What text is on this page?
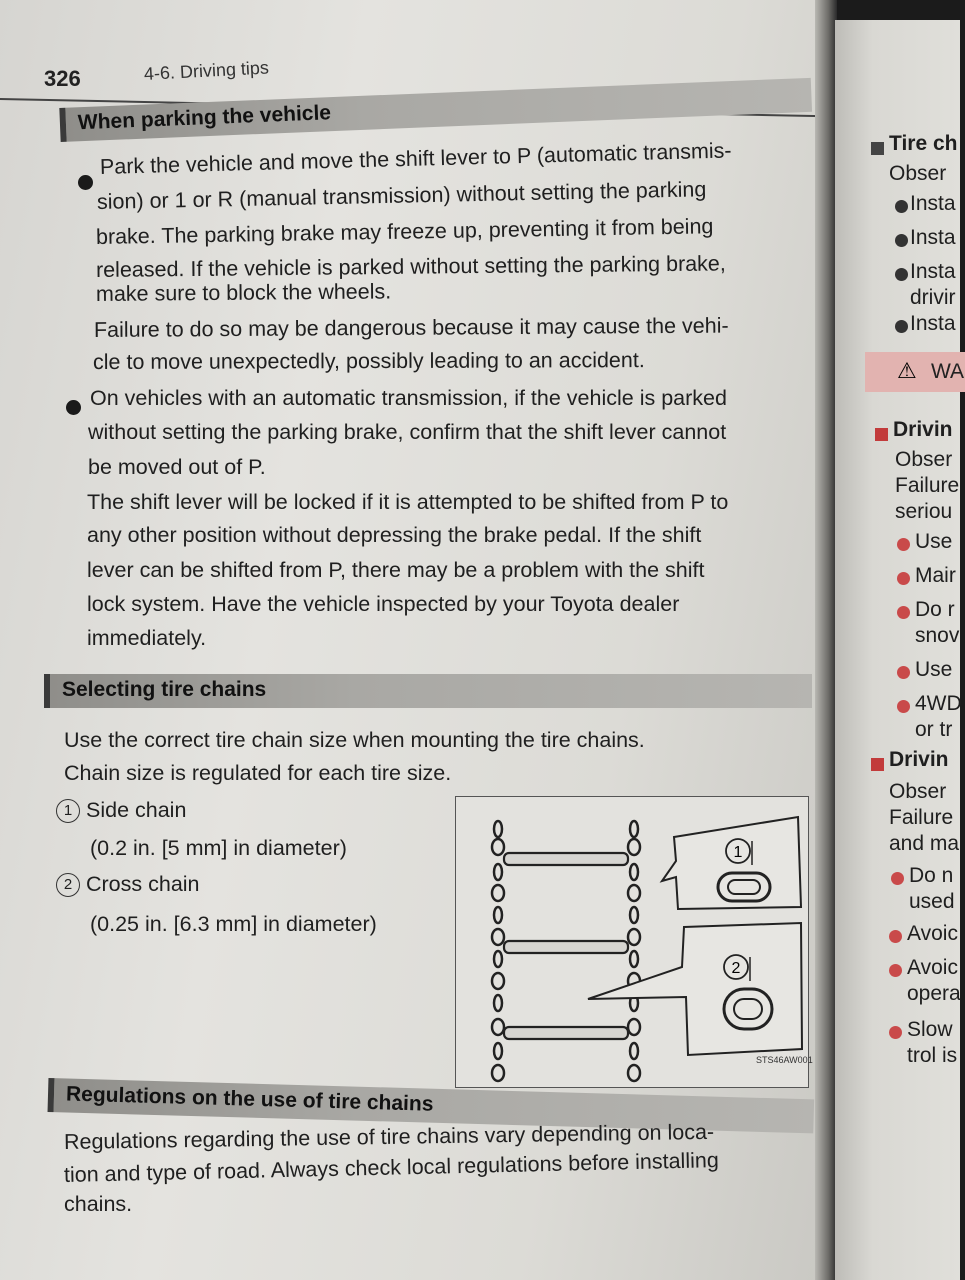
326	4-6. Driving tips
When parking the vehicle
Park the vehicle and move the shift lever to P (automatic transmis-
sion) or 1 or R (manual transmission) without setting the parking
brake. The parking brake may freeze up, preventing it from being
released. If the vehicle is parked without setting the parking brake,
make sure to block the wheels.
Failure to do so may be dangerous because it may cause the vehi-
cle to move unexpectedly, possibly leading to an accident.
On vehicles with an automatic transmission, if the vehicle is parked
without setting the parking brake, confirm that the shift lever cannot
be moved out of P.
The shift lever will be locked if it is attempted to be shifted from P to
any other position without depressing the brake pedal. If the shift
lever can be shifted from P, there may be a problem with the shift
lock system. Have the vehicle inspected by your Toyota dealer
immediately.
Selecting tire chains
Use the correct tire chain size when mounting the tire chains.
Chain size is regulated for each tire size.
1 Side chain
(0.2 in. [5 mm] in diameter)
2 Cross chain
(0.25 in. [6.3 mm] in diameter)
1
2
STS46AW001
Regulations on the use of tire chains
Regulations regarding the use of tire chains vary depending on loca-
tion and type of road. Always check local regulations before installing
chains.
Tire ch
Obser
Insta
Insta
Insta
drivir
Insta
⚠ WA
Drivin
Obser
Failure
seriou
Use
Mair
Do r
snov
Use
4WD
or tr
Drivin
Obser
Failure
and ma
Do n
used
Avoic
Avoic
opera
Slow
trol is
